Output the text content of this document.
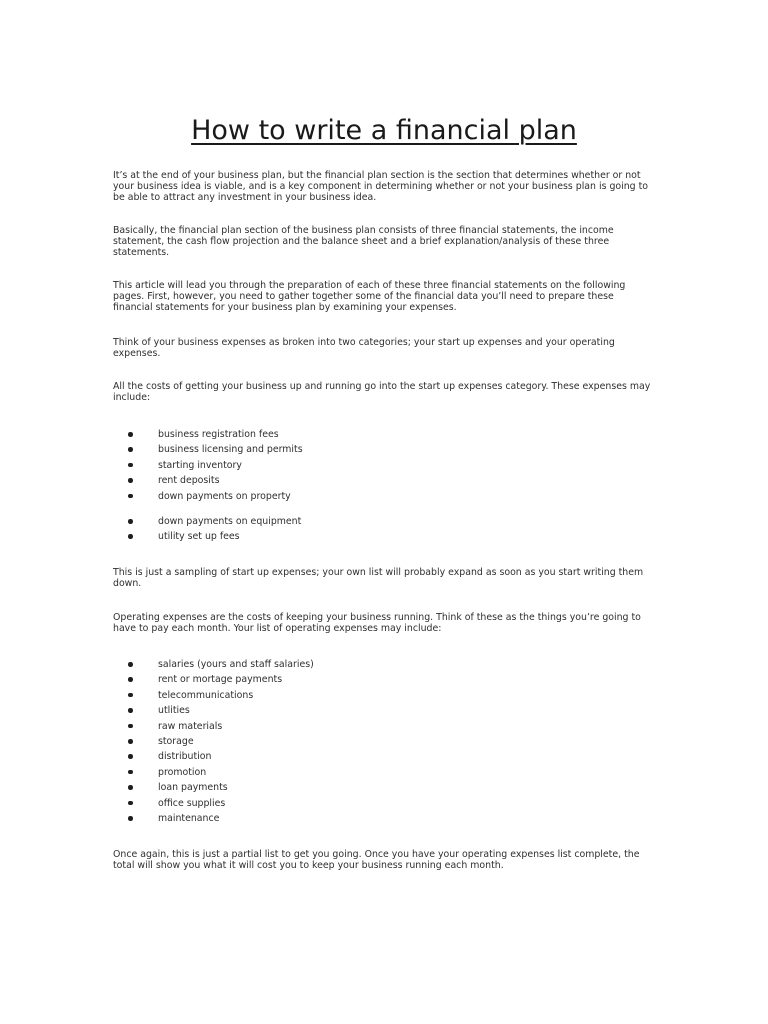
How to write a financial plan

It’s at the end of your business plan, but the financial plan section is the section that determines whether or not
your business idea is viable, and is a key component in determining whether or not your business plan is going to
be able to attract any investment in your business idea.

Basically, the financial plan section of the business plan consists of three financial statements, the income
statement, the cash flow projection and the balance sheet and a brief explanation/analysis of these three
statements.

This article will lead you through the preparation of each of these three financial statements on the following
pages. First, however, you need to gather together some of the financial data you’ll need to prepare these
financial statements for your business plan by examining your expenses.

Think of your business expenses as broken into two categories; your start up expenses and your operating
expenses.

All the costs of getting your business up and running go into the start up expenses category. These expenses may
include:

business registration fees
business licensing and permits
starting inventory
rent deposits
down payments on property
down payments on equipment
utility set up fees

This is just a sampling of start up expenses; your own list will probably expand as soon as you start writing them
down.

Operating expenses are the costs of keeping your business running. Think of these as the things you’re going to
have to pay each month. Your list of operating expenses may include:

salaries (yours and staff salaries)
rent or mortage payments
telecommunications
utlities
raw materials
storage
distribution
promotion
loan payments
office supplies
maintenance

Once again, this is just a partial list to get you going. Once you have your operating expenses list complete, the
total will show you what it will cost you to keep your business running each month.
